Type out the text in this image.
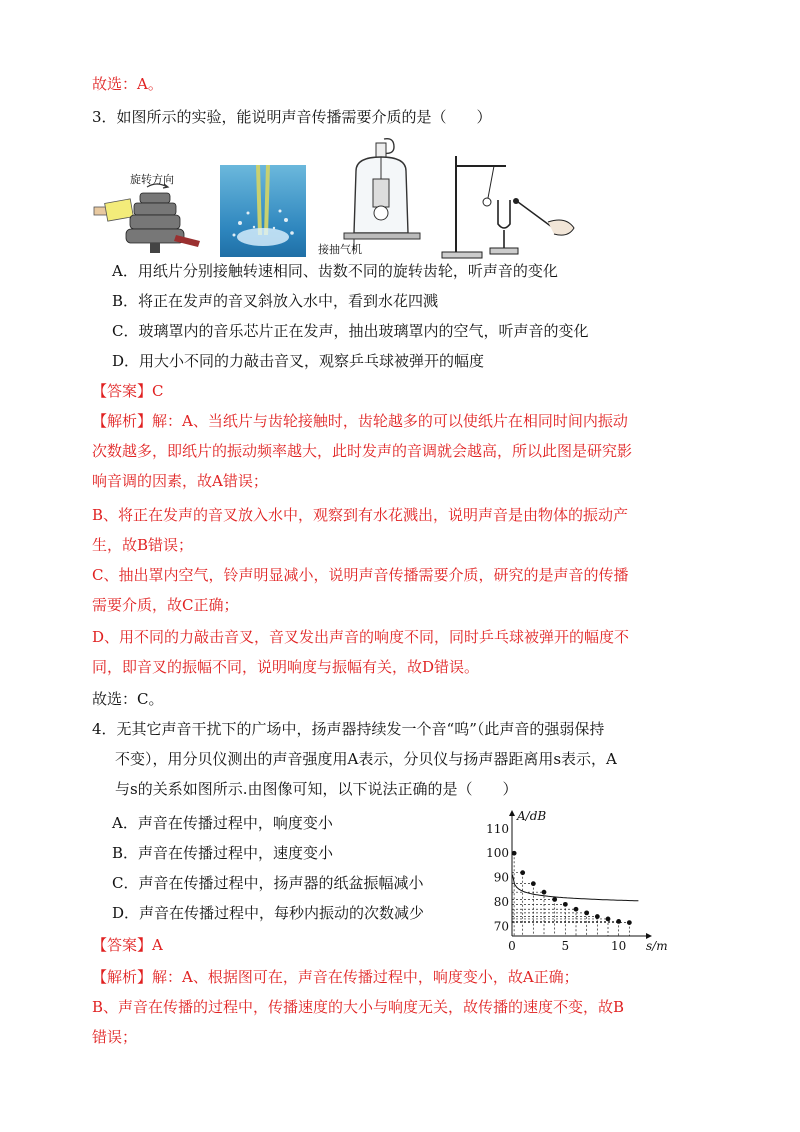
故选：A。
3．如图所示的实验，能说明声音传播需要介质的是（　　）
旋转方向
接抽气机
A．用纸片分别接触转速相同、齿数不同的旋转齿轮，听声音的变化
B．将正在发声的音叉斜放入水中，看到水花四溅
C．玻璃罩内的音乐芯片正在发声，抽出玻璃罩内的空气，听声音的变化
D．用大小不同的力敲击音叉，观察乒乓球被弹开的幅度
【答案】C
【解析】解：A、当纸片与齿轮接触时，齿轮越多的可以使纸片在相同时间内振动
次数越多，即纸片的振动频率越大，此时发声的音调就会越高，所以此图是研究影
响音调的因素，故A错误；
B、将正在发声的音叉放入水中，观察到有水花溅出，说明声音是由物体的振动产
生，故B错误；
C、抽出罩内空气，铃声明显减小，说明声音传播需要介质，研究的是声音的传播
需要介质，故C正确；
D、用不同的力敲击音叉，音叉发出声音的响度不同，同时乒乓球被弹开的幅度不
同，即音叉的振幅不同，说明响度与振幅有关，故D错误。
故选：C。
4．无其它声音干扰下的广场中，扬声器持续发一个音“呜”（此声音的强弱保持
不变），用分贝仪测出的声音强度用A表示，分贝仪与扬声器距离用s表示，A
与s的关系如图所示.由图像可知，以下说法正确的是（　　）
A．声音在传播过程中，响度变小
B．声音在传播过程中，速度变小
C．声音在传播过程中，扬声器的纸盆振幅减小
D．声音在传播过程中，每秒内振动的次数减少
0	5	10
70
80
90
100
110
s/m
A/dB
【答案】A
【解析】解：A、根据图可在，声音在传播过程中，响度变小，故A正确；
B、声音在传播的过程中，传播速度的大小与响度无关，故传播的速度不变，故B
错误；
